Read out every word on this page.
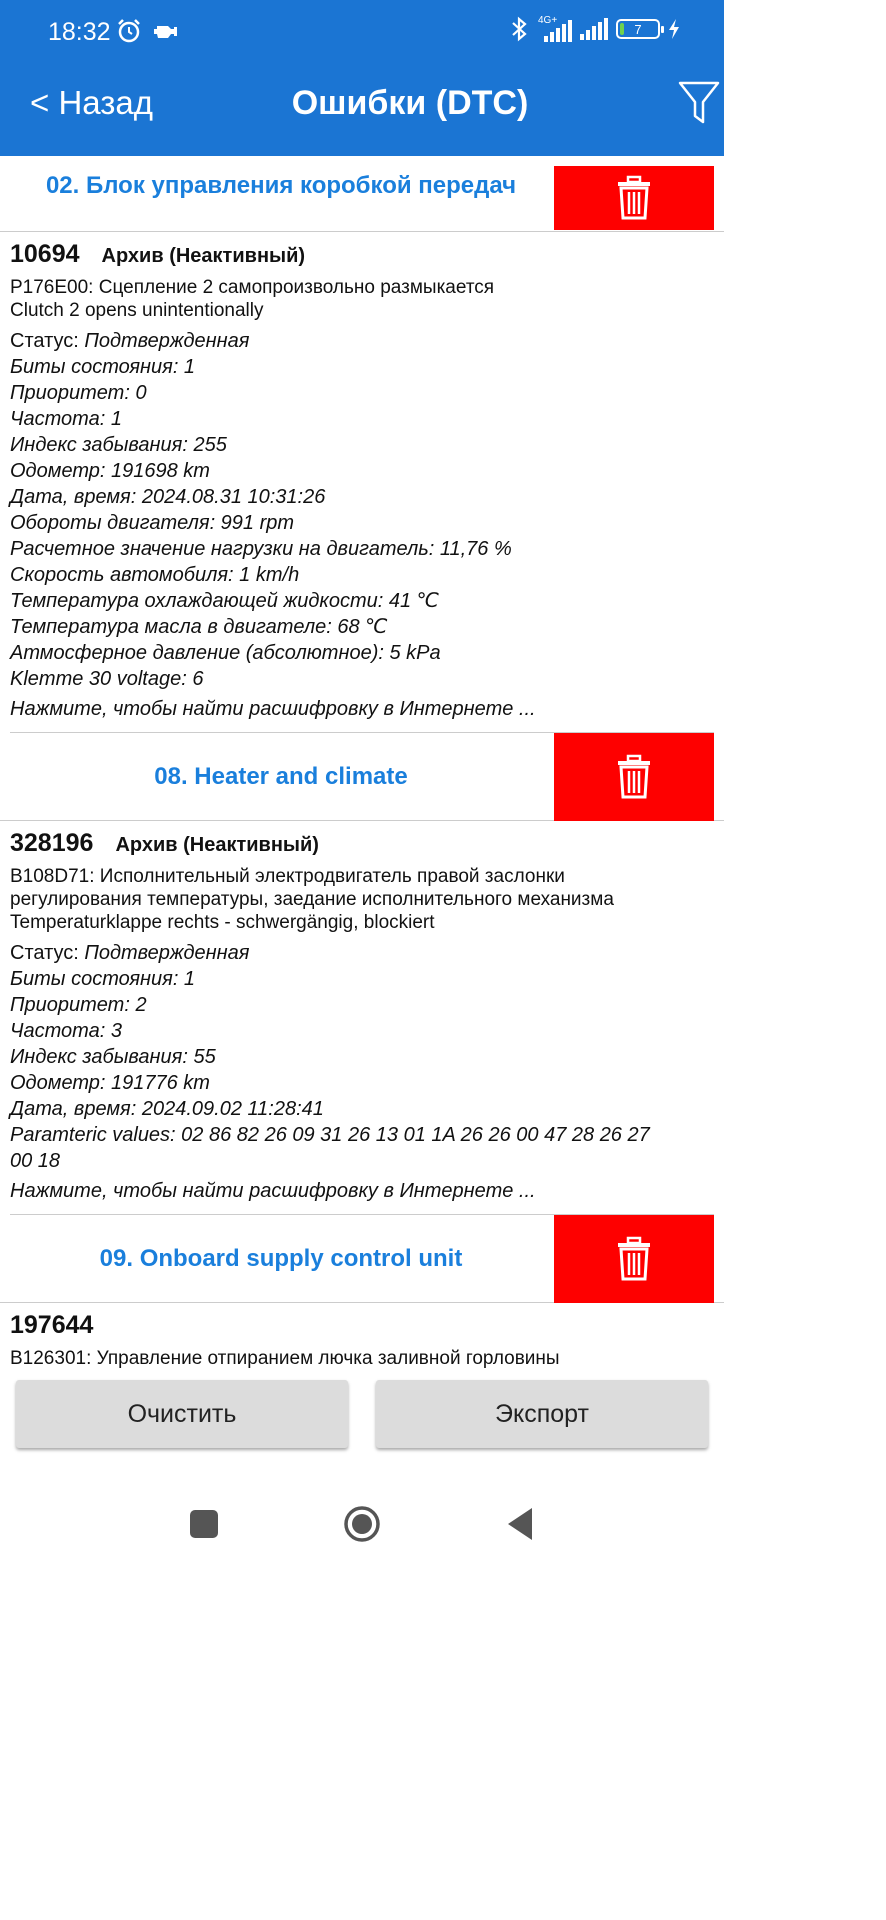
18:32	4G+
7
< Назад	Ошибки (DTC)
02. Блок управления коробкой передач
10694 Архив (Неактивный)
P176E00: Сцепление 2 самопроизвольно размыкается
Clutch 2 opens unintentionally
Статус: Подтвержденная
Биты состояния: 1
Приоритет: 0
Частота: 1
Индекс забывания: 255
Одометр: 191698 km
Дата, время: 2024.08.31 10:31:26
Обороты двигателя: 991 rpm
Расчетное значение нагрузки на двигатель: 11,76 %
Скорость автомобиля: 1 km/h
Температура охлаждающей жидкости: 41 ℃
Температура масла в двигателе: 68 ℃
Атмосферное давление (абсолютное): 5 kPa
Klemme 30 voltage: 6
Нажмите, чтобы найти расшифровку в Интернете ...
08. Heater and climate
328196 Архив (Неактивный)
B108D71: Исполнительный электродвигатель правой заслонки
регулирования температуры, заедание исполнительного механизма
Temperaturklappe rechts - schwergängig, blockiert
Статус: Подтвержденная
Биты состояния: 1
Приоритет: 2
Частота: 3
Индекс забывания: 55
Одометр: 191776 km
Дата, время: 2024.09.02 11:28:41
Paramteric values: 02 86 82 26 09 31 26 13 01 1A 26 26 00 47 28 26 27
00 18
Нажмите, чтобы найти расшифровку в Интернете ...
09. Onboard supply control unit
197644
B126301: Управление отпиранием лючка заливной горловины
Очистить	Экспорт
